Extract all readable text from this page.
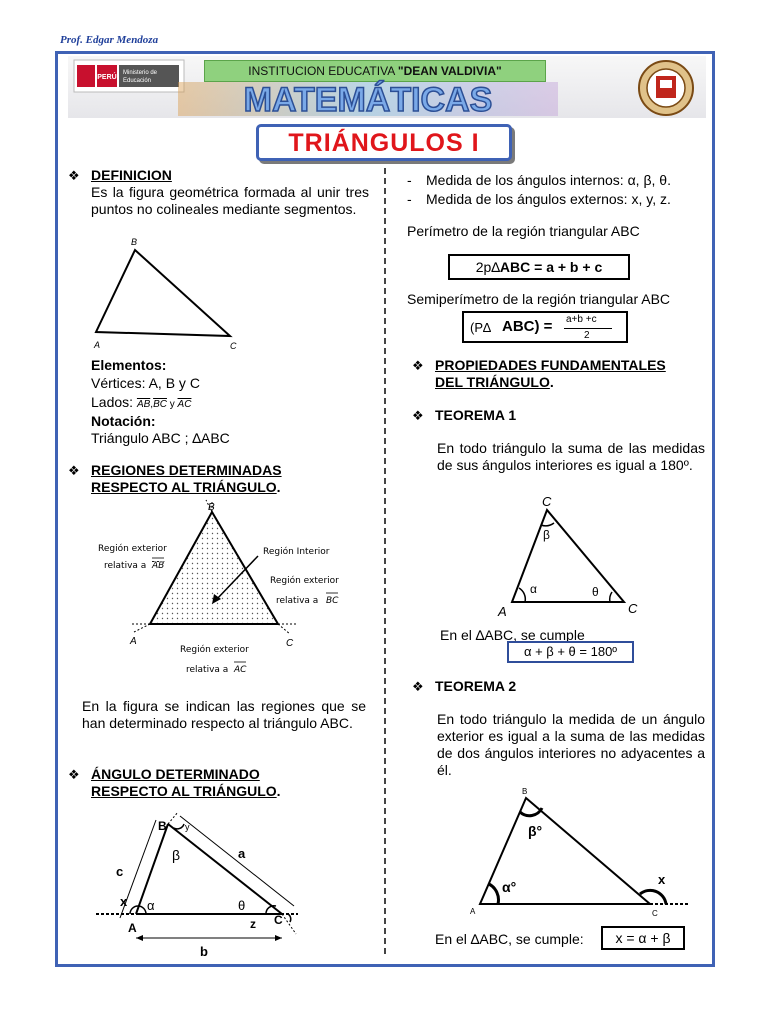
Prof. Edgar Mendoza
PERÚ
Ministerio de
Educación
INSTITUCION EDUCATIVA "DEAN VALDIVIA"
MATEMÁTICAS
TRIÁNGULOS I
❖ DEFINICION
Es la figura geométrica formada al unir tres puntos no colineales mediante segmentos.
B
A	C
Elementos:
Vértices: A, B y C
Lados: $\overline{AB},\overline{BC}$ y $\overline{AC}$
Notación:
Triángulo ABC ; ∆ABC
❖ REGIONES DETERMINADAS
RESPECTO AL TRIÁNGULO.
B
A	C
Región exterior
relativa a AB
Región Interior
Región exterior
relativa a BC
Región exterior
relativa a AC
En la figura se indican las regiones que se han determinado respecto al triángulo ABC.
❖ ÁNGULO DETERMINADO
RESPECTO AL TRIÁNGULO.
B
A
C
y
β	a
c
x α	θ
z
b
- Medida de los ángulos internos: α, β, θ.
- Medida de los ángulos externos: x, y, z.
Perímetro de la región triangular ABC
2p∆ABC = a + b + c
Semiperímetro de la región triangular ABC
(P∆ ABC) = a+b +c
2
❖ PROPIEDADES FUNDAMENTALES
DEL TRIÁNGULO.
❖ TEOREMA 1
En todo triángulo la suma de las medidas de sus ángulos interiores es igual a 180º.
C
A	C
β
α	θ
En el ∆ABC, se cumple
α + β + θ = 180º
❖ TEOREMA 2
En todo triángulo la medida de un ángulo exterior es igual a la suma de las medidas de dos ángulos interiores no adyacentes a él.
B
A	C
β°
α°	x
En el ∆ABC, se cumple:	x = α + β
